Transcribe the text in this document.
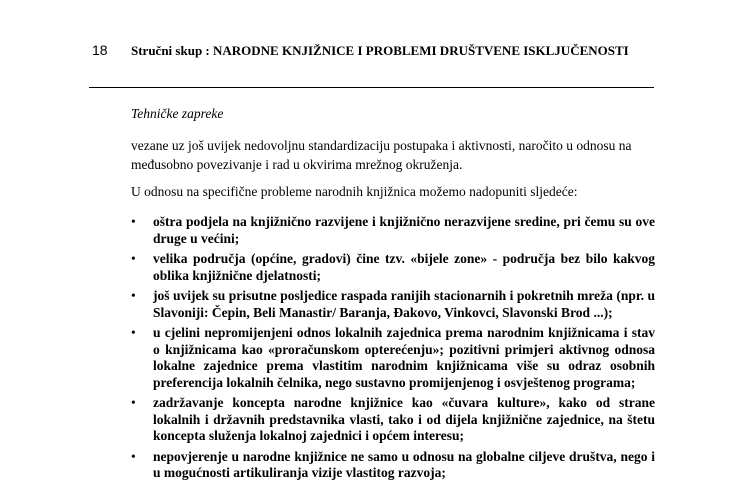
18 Stručni skup : NARODNE KNJIŽNICE I PROBLEMI DRUŠTVENE ISKLJUČENOSTI
Tehničke zapreke
vezane uz još uvijek nedovoljnu standardizaciju postupaka i aktivnosti, naročito u odnosu na međusobno povezivanje i rad u okvirima mrežnog okruženja.
U odnosu na specifične probleme narodnih knjižnica možemo nadopuniti sljedeće:
• oštra podjela na knjižnično razvijene i knjižnično nerazvijene sredine, pri čemu su ove druge u većini;
• velika područja (općine, gradovi) čine tzv. «bijele zone» - područja bez bilo kakvog oblika knjižnične djelatnosti;
• još uvijek su prisutne posljedice raspada ranijih stacionarnih i pokretnih mreža (npr. u Slavoniji: Čepin, Beli Manastir/ Baranja, Đakovo, Vinkovci, Slavonski Brod ...);
• u cjelini nepromijenjeni odnos lokalnih zajednica prema narodnim knjižnicama i stav o knjižnicama kao «proračunskom opterećenju»; pozitivni primjeri aktivnog odnosa lokalne zajednice prema vlastitim narodnim knjižnicama više su odraz osobnih preferencija lokalnih čelnika, nego sustavno promijenjenog i osvještenog programa;
• zadržavanje koncepta narodne knjižnice kao «čuvara kulture», kako od strane lokalnih i državnih predstavnika vlasti, tako i od dijela knjižnične zajednice, na štetu koncepta služenja lokalnoj zajednici i općem interesu;
• nepovjerenje u narodne knjižnice ne samo u odnosu na globalne ciljeve društva, nego i u mogućnosti artikuliranja vizije vlastitog razvoja;
